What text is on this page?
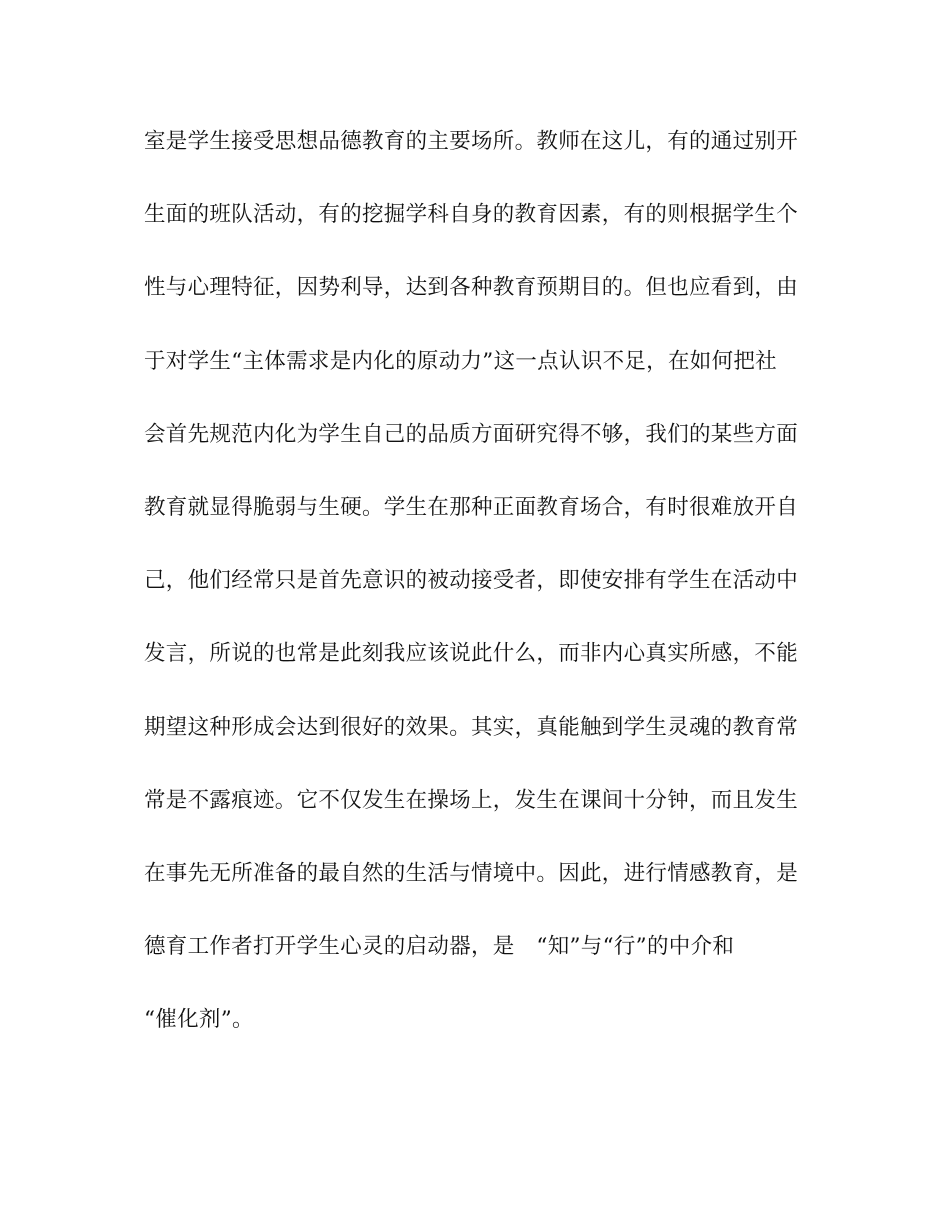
室是学生接受思想品德教育的主要场所。教师在这儿，有的通过别开
生面的班队活动，有的挖掘学科自身的教育因素，有的则根据学生个
性与心理特征，因势利导，达到各种教育预期目的。但也应看到，由
于对学生“主体需求是内化的原动力”这一点认识不足，在如何把社
会首先规范内化为学生自己的品质方面研究得不够，我们的某些方面
教育就显得脆弱与生硬。学生在那种正面教育场合，有时很难放开自
己，他们经常只是首先意识的被动接受者，即使安排有学生在活动中
发言，所说的也常是此刻我应该说此什么，而非内心真实所感，不能
期望这种形成会达到很好的效果。其实，真能触到学生灵魂的教育常
常是不露痕迹。它不仅发生在操场上，发生在课间十分钟，而且发生
在事先无所准备的最自然的生活与情境中。因此，进行情感教育，是
德育工作者打开学生心灵的启动器，是　“知”与“行”的中介和
“催化剂”。
